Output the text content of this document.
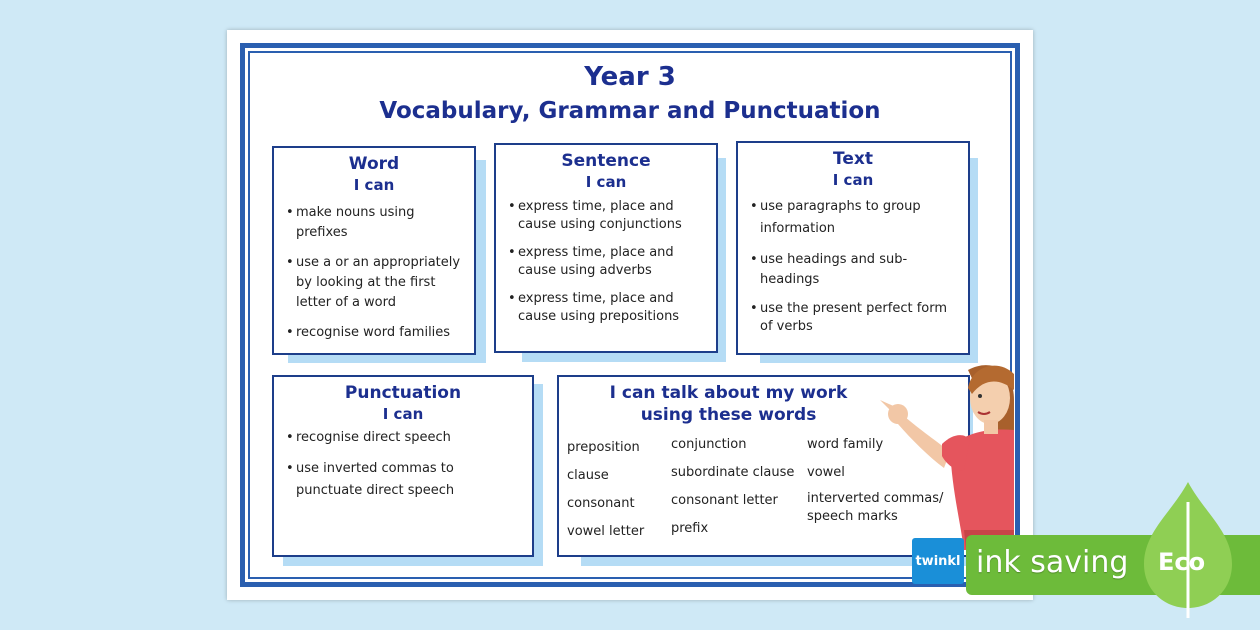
Year 3
Vocabulary, Grammar and Punctuation

Word

I can

• make nouns using prefixes
• use a or an appropriately by looking at the first letter of a word
• recognise word families

Sentence

I can

• express time, place and cause using conjunctions
• express time, place and cause using adverbs
• express time, place and cause using prepositions

Text

I can

• use paragraphs to group information
• use headings and sub-headings
• use the present perfect form of verbs

Punctuation

I can

• recognise direct speech
• use inverted commas to punctuate direct speech

I can talk about my work

using these words

preposition

clause

consonant

vowel letter

conjunction

subordinate clause

consonant letter

prefix

word family

vowel

interverted commas/ speech marks

twinkl ink saving Eco
